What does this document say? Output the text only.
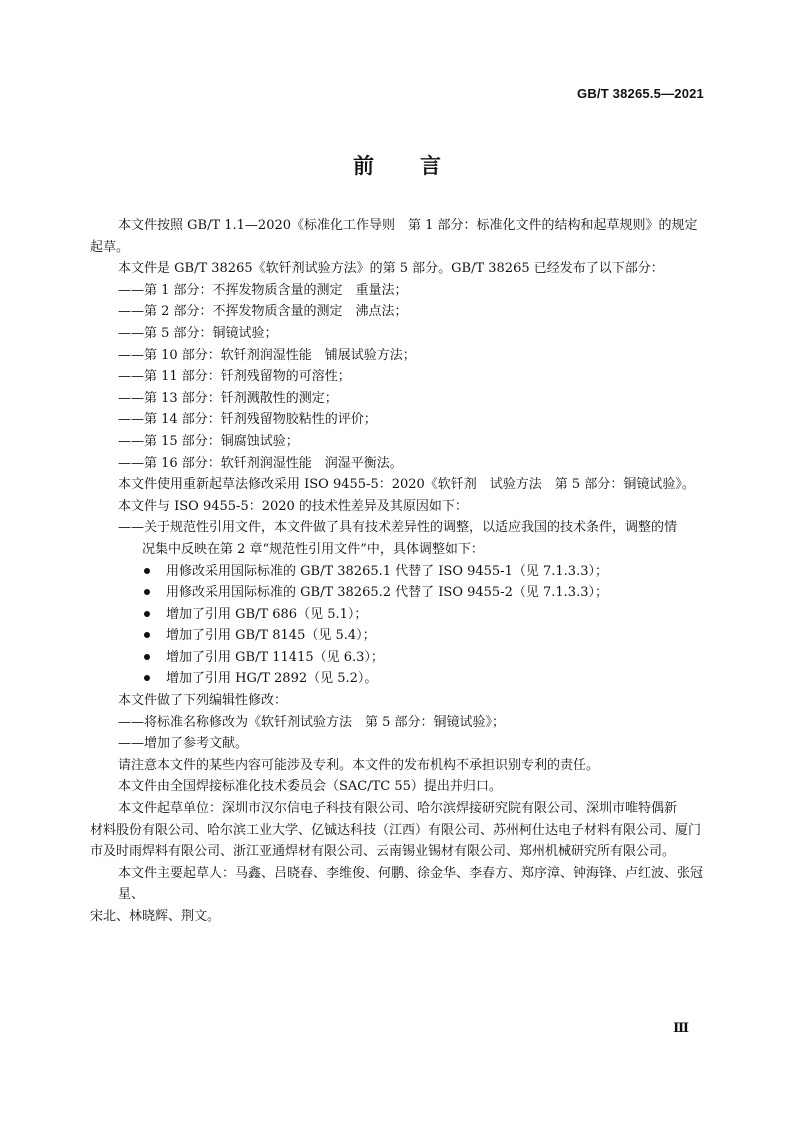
GB/T 38265.5—2021
前言

本文件按照 GB/T 1.1—2020《标准化工作导则　第 1 部分：标准化文件的结构和起草规则》的规定

起草。

本文件是 GB/T 38265《软钎剂试验方法》的第 5 部分。GB/T 38265 已经发布了以下部分：

——第 1 部分：不挥发物质含量的测定　重量法；

——第 2 部分：不挥发物质含量的测定　沸点法；

——第 5 部分：铜镜试验；

——第 10 部分：软钎剂润湿性能　铺展试验方法；

——第 11 部分：钎剂残留物的可溶性；

——第 13 部分：钎剂溅散性的测定；

——第 14 部分：钎剂残留物胶粘性的评价；

——第 15 部分：铜腐蚀试验；

——第 16 部分：软钎剂润湿性能　润湿平衡法。

本文件使用重新起草法修改采用 ISO 9455-5：2020《软钎剂　试验方法　第 5 部分：铜镜试验》。

本文件与 ISO 9455-5：2020 的技术性差异及其原因如下：

——关于规范性引用文件，本文件做了具有技术差异性的调整，以适应我国的技术条件，调整的情

况集中反映在第 2 章“规范性引用文件”中，具体调整如下：

用修改采用国际标准的 GB/T 38265.1 代替了 ISO 9455-1（见 7.1.3.3）；

用修改采用国际标准的 GB/T 38265.2 代替了 ISO 9455-2（见 7.1.3.3）；

增加了引用 GB/T 686（见 5.1）；

增加了引用 GB/T 8145（见 5.4）；

增加了引用 GB/T 11415（见 6.3）；

增加了引用 HG/T 2892（见 5.2）。

本文件做了下列编辑性修改：

——将标准名称修改为《软钎剂试验方法　第 5 部分：铜镜试验》；

——增加了参考文献。

请注意本文件的某些内容可能涉及专利。本文件的发布机构不承担识别专利的责任。

本文件由全国焊接标准化技术委员会（SAC/TC 55）提出并归口。

本文件起草单位：深圳市汉尔信电子科技有限公司、哈尔滨焊接研究院有限公司、深圳市唯特偶新

材料股份有限公司、哈尔滨工业大学、亿铖达科技（江西）有限公司、苏州柯仕达电子材料有限公司、厦门

市及时雨焊料有限公司、浙江亚通焊材有限公司、云南锡业锡材有限公司、郑州机械研究所有限公司。

本文件主要起草人：马鑫、吕晓春、李维俊、何鹏、徐金华、李春方、郑序漳、钟海锋、卢红波、张冠星、

宋北、林晓辉、荆文。

Ⅲ
